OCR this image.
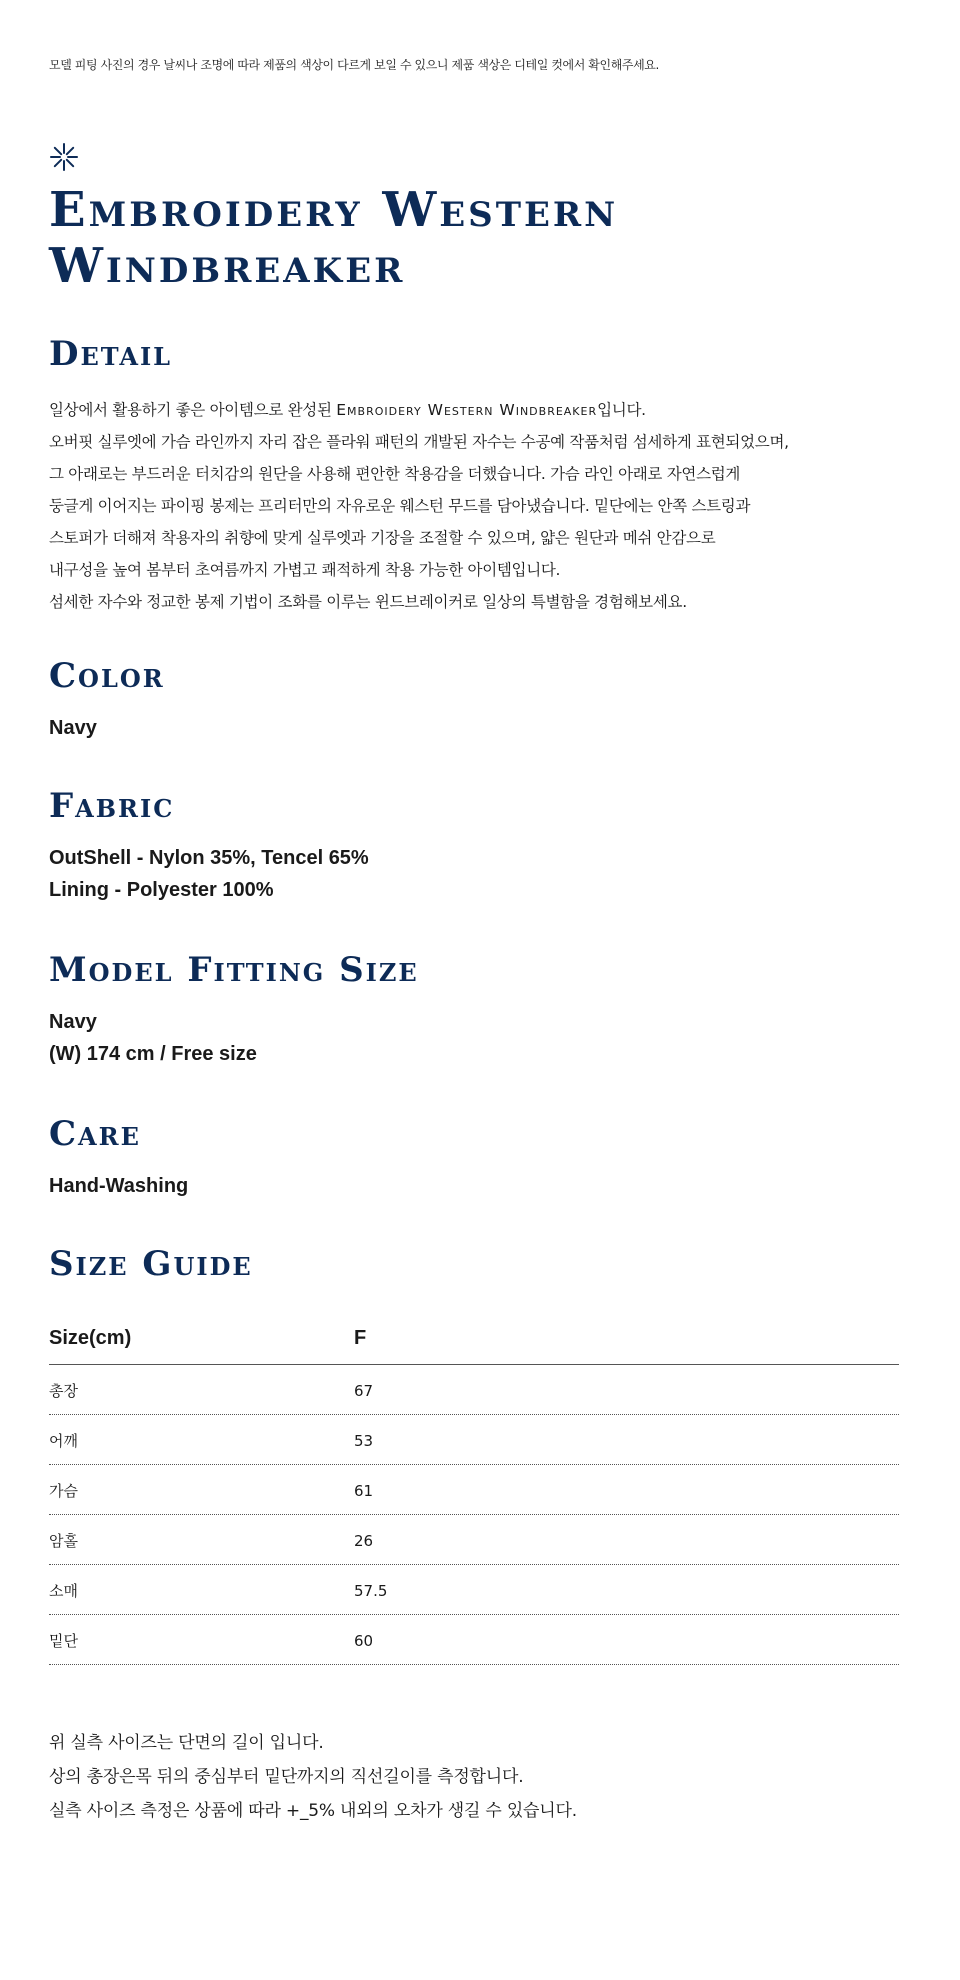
모델 피팅 사진의 경우 날씨나 조명에 따라 제품의 색상이 다르게 보일 수 있으니 제품 색상은 디테일 컷에서 확인해주세요.
Embroidery Western Windbreaker
Detail
일상에서 활용하기 좋은 아이템으로 완성된 Embroidery Western Windbreaker입니다.
오버핏 실루엣에 가슴 라인까지 자리 잡은 플라워 패턴의 개발된 자수는 수공예 작품처럼 섬세하게 표현되었으며,
그 아래로는 부드러운 터치감의 원단을 사용해 편안한 착용감을 더했습니다. 가슴 라인 아래로 자연스럽게
둥글게 이어지는 파이핑 봉제는 프리터만의 자유로운 웨스턴 무드를 담아냈습니다. 밑단에는 안쪽 스트링과
스토퍼가 더해져 착용자의 취향에 맞게 실루엣과 기장을 조절할 수 있으며, 얇은 원단과 메쉬 안감으로
내구성을 높여 봄부터 초여름까지 가볍고 쾌적하게 착용 가능한 아이템입니다.
섬세한 자수와 정교한 봉제 기법이 조화를 이루는 윈드브레이커로 일상의 특별함을 경험해보세요.
Color
Navy
Fabric
OutShell - Nylon 35%, Tencel 65%
Lining - Polyester 100%
Model Fitting Size
Navy
(W) 174 cm / Free size
Care
Hand-Washing
Size Guide
Size(cm)	F
총장	67
어깨	53
가슴	61
암홀	26
소매	57.5
밑단	60
위 실측 사이즈는 단면의 길이 입니다.
상의 총장은목 뒤의 중심부터 밑단까지의 직선길이를 측정합니다.
실측 사이즈 측정은 상품에 따라 +_5% 내외의 오차가 생길 수 있습니다.
